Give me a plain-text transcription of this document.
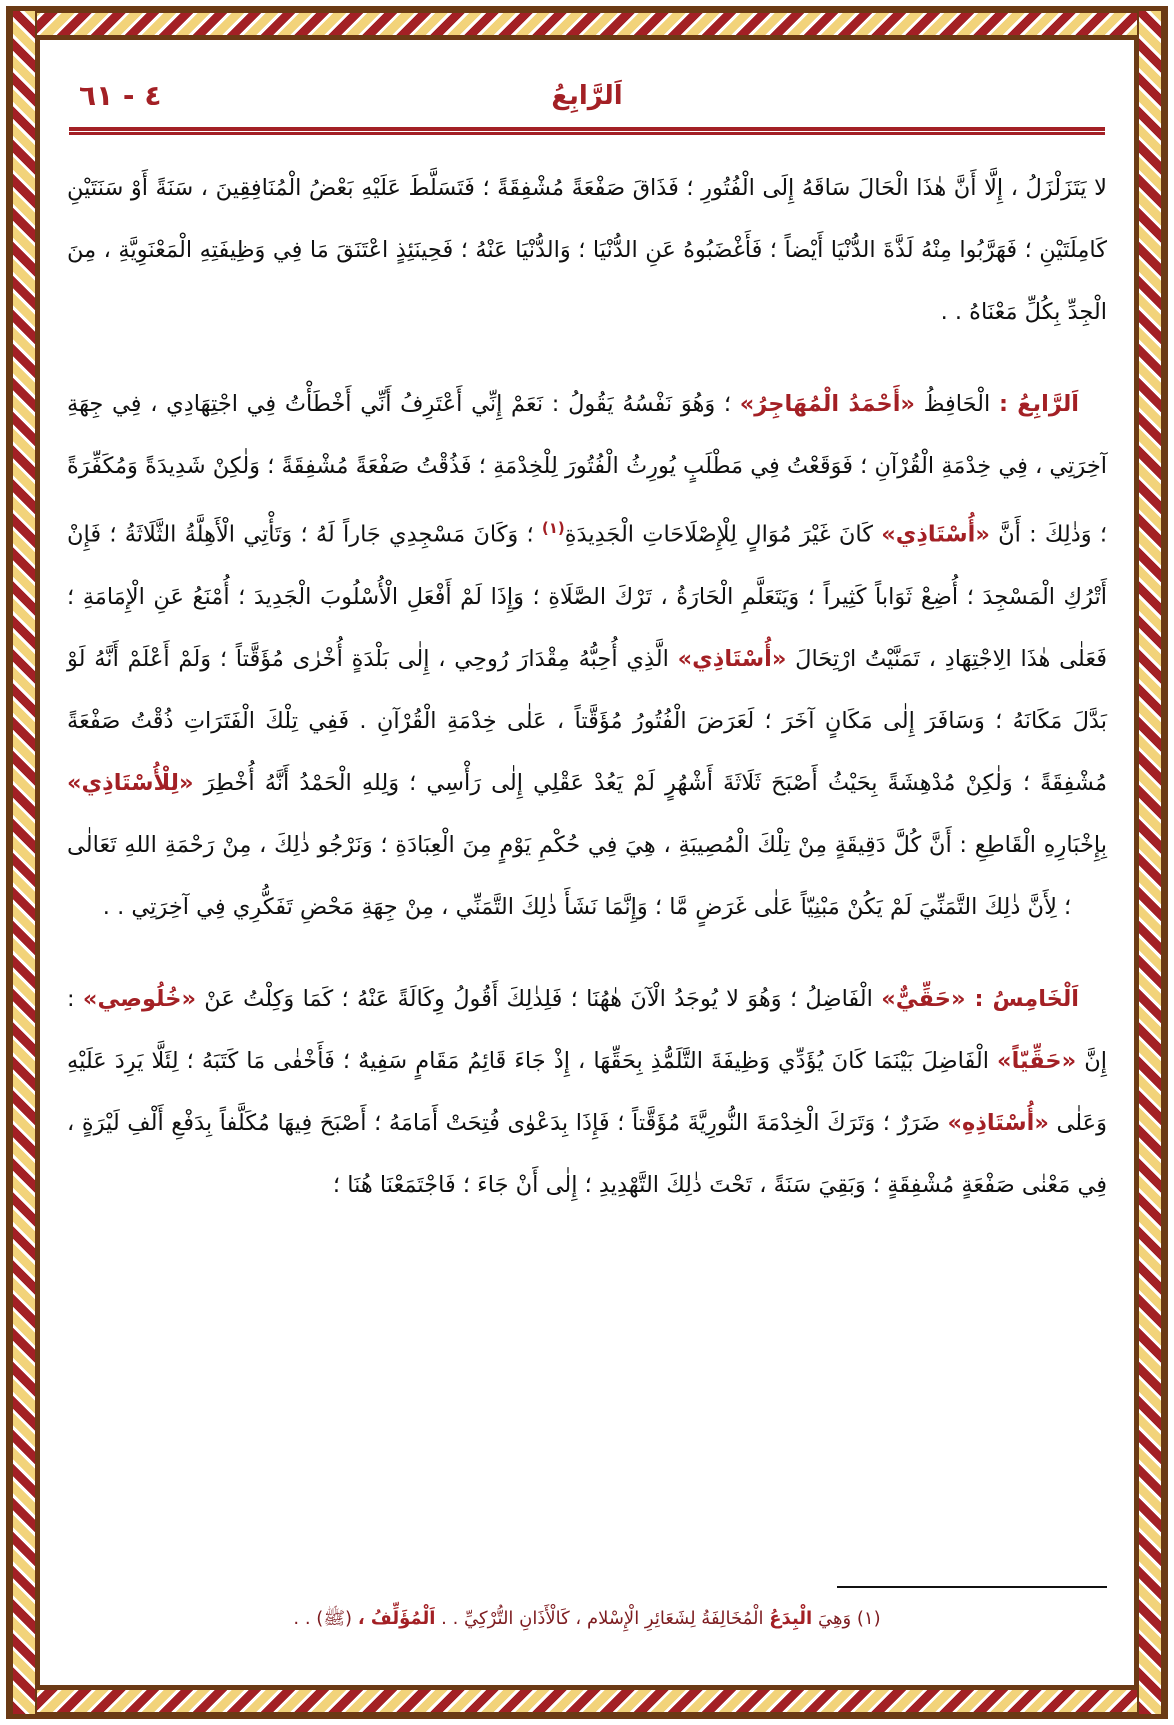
٤ - ٦١	اَلرَّابِعُ

لا يَتَزَلْزَلُ ، إِلَّا أَنَّ هٰذَا الْحَالَ سَاقَهُ إِلَى الْفُتُورِ ؛ فَذَاقَ صَفْعَةً مُشْفِقَةً ؛ فَتَسَلَّطَ عَلَيْهِ بَعْضُ الْمُنَافِقِينَ ، سَنَةً أَوْ سَنَتَيْنِ كَامِلَتَيْنِ ؛ فَهَرَّبُوا مِنْهُ لَذَّةَ الدُّنْيَا أَيْضاً ؛ فَأَغْضَبُوهُ عَنِ الدُّنْيَا ؛ وَالدُّنْيَا عَنْهُ ؛ فَحِينَئِذٍ اعْتَنَقَ مَا فِي وَظِيفَتِهِ الْمَعْنَوِيَّةِ ، مِنَ الْجِدِّ بِكُلِّ مَعْنَاهُ . .

اَلرَّابِعُ : الْحَافِظُ «أَحْمَدُ الْمُهَاجِرُ» ؛ وَهُوَ نَفْسُهُ يَقُولُ : نَعَمْ إِنِّي أَعْتَرِفُ أَنِّي أَخْطَأْتُ فِي اجْتِهَادِي ، فِي جِهَةِ آخِرَتِي ، فِي خِدْمَةِ الْقُرْآنِ ؛ فَوَقَعْتُ فِي مَطْلَبٍ يُورِثُ الْفُتُورَ لِلْخِدْمَةِ ؛ فَذُقْتُ صَفْعَةً مُشْفِقَةً ؛ وَلٰكِنْ شَدِيدَةً وَمُكَفِّرَةً ؛ وَذٰلِكَ : أَنَّ «أُسْتَاذِي» كَانَ غَيْرَ مُوَالٍ لِلْإِصْلَاحَاتِ الْجَدِيدَةِ$^{(١)}$ ؛ وَكَانَ مَسْجِدِي جَاراً لَهُ ؛ وَتَأْتِي الْأَهِلَّةُ الثَّلَاثَةُ ؛ فَإِنْ أَتْرُكِ الْمَسْجِدَ ؛ أُضِعْ ثَوَاباً كَثِيراً ؛ وَيَتَعَلَّمِ الْحَارَةُ ، تَرْكَ الصَّلَاةِ ؛ وَإِذَا لَمْ أَفْعَلِ الْأُسْلُوبَ الْجَدِيدَ ؛ أُمْنَعُ عَنِ الْإِمَامَةِ ؛ فَعَلٰى هٰذَا الِاجْتِهَادِ ، تَمَنَّيْتُ ارْتِحَالَ «أُسْتَاذِي» الَّذِي أُحِبُّهُ مِقْدَارَ رُوحِي ، إِلٰى بَلْدَةٍ أُخْرٰى مُؤَقَّتاً ؛ وَلَمْ أَعْلَمْ أَنَّهُ لَوْ بَدَّلَ مَكَانَهُ ؛ وَسَافَرَ إِلٰى مَكَانٍ آخَرَ ؛ لَعَرَضَ الْفُتُورُ مُؤَقَّتاً ، عَلٰى خِدْمَةِ الْقُرْآنِ . فَفِي تِلْكَ الْفَتَرَاتِ ذُقْتُ صَفْعَةً مُشْفِقَةً ؛ وَلٰكِنْ مُدْهِشَةً بِحَيْثُ أَصْبَحَ ثَلَاثَةَ أَشْهُرٍ لَمْ يَعُدْ عَقْلِي إِلٰى رَأْسِي ؛ وَلِلهِ الْحَمْدُ أَنَّهُ أُخْطِرَ «لِلْأُسْتَاذِي» بِإِخْبَارِهِ الْقَاطِعِ : أَنَّ كُلَّ دَقِيقَةٍ مِنْ تِلْكَ الْمُصِيبَةِ ، هِيَ فِي حُكْمِ يَوْمٍ مِنَ الْعِبَادَةِ ؛ وَنَرْجُو ذٰلِكَ ، مِنْ رَحْمَةِ اللهِ تَعَالٰى ؛ لِأَنَّ ذٰلِكَ التَّمَنِّيَ لَمْ يَكُنْ مَبْنِيّاً عَلٰى غَرَضٍ مَّا ؛ وَإِنَّمَا نَشَأَ ذٰلِكَ التَّمَنِّي ، مِنْ جِهَةِ مَحْضِ تَفَكُّرِي فِي آخِرَتِي . .

اَلْخَامِسُ : «حَقِّيٌّ» الْفَاضِلُ ؛ وَهُوَ لا يُوجَدُ الْآنَ هٰهُنَا ؛ فَلِذٰلِكَ أَقُولُ وِكَالَةً عَنْهُ ؛ كَمَا وَكِلْتُ عَنْ «خُلُوصِي» : إِنَّ «حَقِّيّاً» الْفَاضِلَ بَيْنَمَا كَانَ يُؤَدِّي وَظِيفَةَ التَّلَمُّذِ بِحَقِّهَا ، إِذْ جَاءَ قَائِمُ مَقَامٍ سَفِيهٌ ؛ فَأَخْفٰى مَا كَتَبَهُ ؛ لِئَلَّا يَرِدَ عَلَيْهِ وَعَلٰى «أُسْتَاذِهِ» ضَرَرٌ ؛ وَتَرَكَ الْخِدْمَةَ النُّورِيَّةَ مُؤَقَّتاً ؛ فَإِذَا بِدَعْوٰى فُتِحَتْ أَمَامَهُ ؛ أَصْبَحَ فِيهَا مُكَلَّفاً بِدَفْعِ أَلْفِ لَيْرَةٍ ، فِي مَعْنٰى صَفْعَةٍ مُشْفِقَةٍ ؛ وَبَقِيَ سَنَةً ، تَحْتَ ذٰلِكَ التَّهْدِيدِ ؛ إِلٰى أَنْ جَاءَ ؛ فَاجْتَمَعْنَا هُنَا ؛

(١) وَهِيَ الْبِدَعُ الْمُخَالِفَةُ لِشَعَائِرِ الْإِسْلام ، كَالْأَذَانِ التُّرْكِيِّ . . اَلْمُؤَلِّفُ ، (ﷺ) . .
